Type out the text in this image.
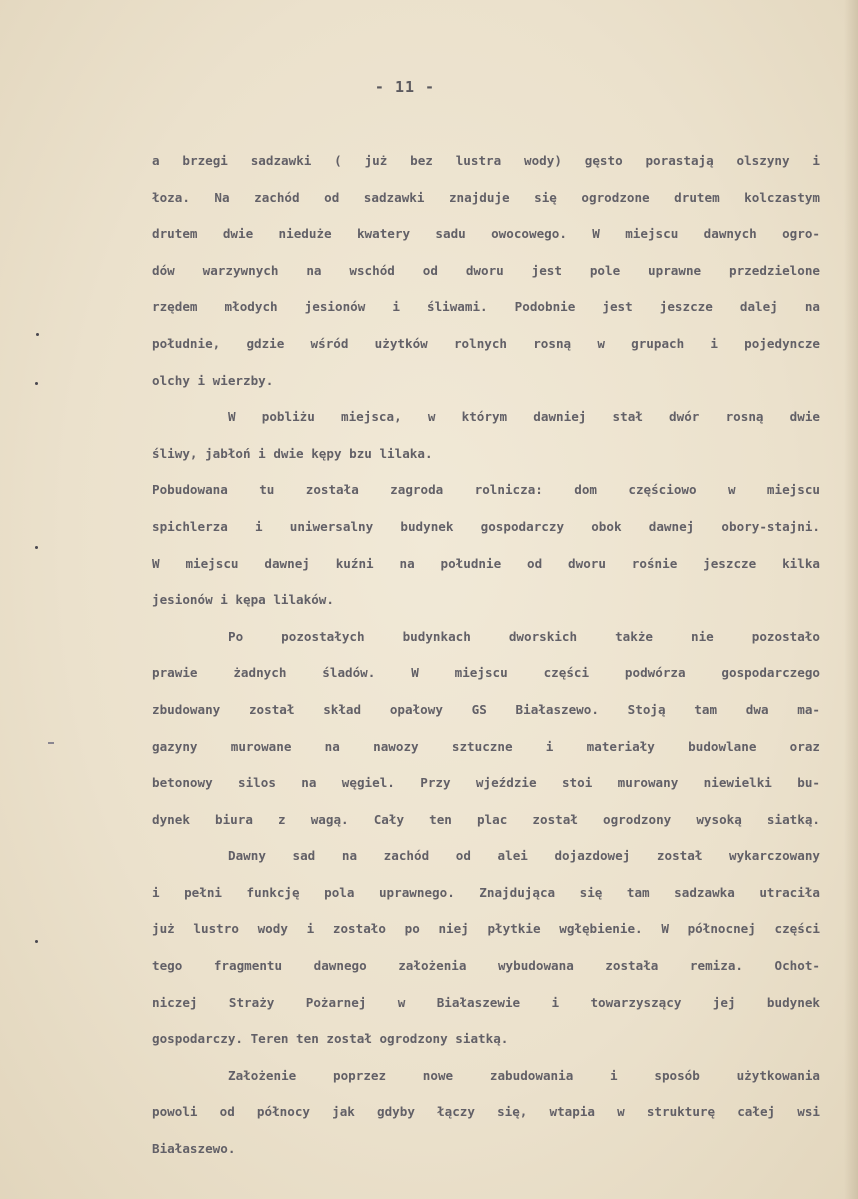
- 11 -
a brzegi sadzawki ( już bez lustra wody) gęsto porastają olszyny i
łoza. Na zachód od sadzawki znajduje się ogrodzone drutem kolczastym
drutem dwie nieduże kwatery sadu owocowego. W miejscu dawnych ogro-
dów warzywnych na wschód od dworu jest pole uprawne przedzielone
rzędem młodych jesionów i śliwami. Podobnie jest jeszcze dalej na
południe, gdzie wśród użytków rolnych rosną w grupach i pojedyncze
olchy i wierzby.
W pobliżu miejsca, w którym dawniej stał dwór rosną dwie
śliwy, jabłoń i dwie kępy bzu lilaka.
Pobudowana tu została zagroda rolnicza: dom częściowo w miejscu
spichlerza i uniwersalny budynek gospodarczy obok dawnej obory-stajni.
W miejscu dawnej kuźni na południe od dworu rośnie jeszcze kilka
jesionów i kępa lilaków.
Po pozostałych budynkach dworskich także nie pozostało
prawie żadnych śladów. W miejscu części podwórza gospodarczego
zbudowany został skład opałowy GS Białaszewo. Stoją tam dwa ma-
gazyny murowane na nawozy sztuczne i materiały budowlane oraz
betonowy silos na węgiel. Przy wjeździe stoi murowany niewielki bu-
dynek biura z wagą. Cały ten plac został ogrodzony wysoką siatką.
Dawny sad na zachód od alei dojazdowej został wykarczowany
i pełni funkcję pola uprawnego. Znajdująca się tam sadzawka utraciła
już lustro wody i zostało po niej płytkie wgłębienie. W północnej części
tego fragmentu dawnego założenia wybudowana została remiza. Ochot-
niczej Straży Pożarnej w Białaszewie i towarzyszący jej budynek
gospodarczy. Teren ten został ogrodzony siatką.
Założenie poprzez nowe zabudowania i sposób użytkowania
powoli od północy jak gdyby łączy się, wtapia w strukturę całej wsi
Białaszewo.
